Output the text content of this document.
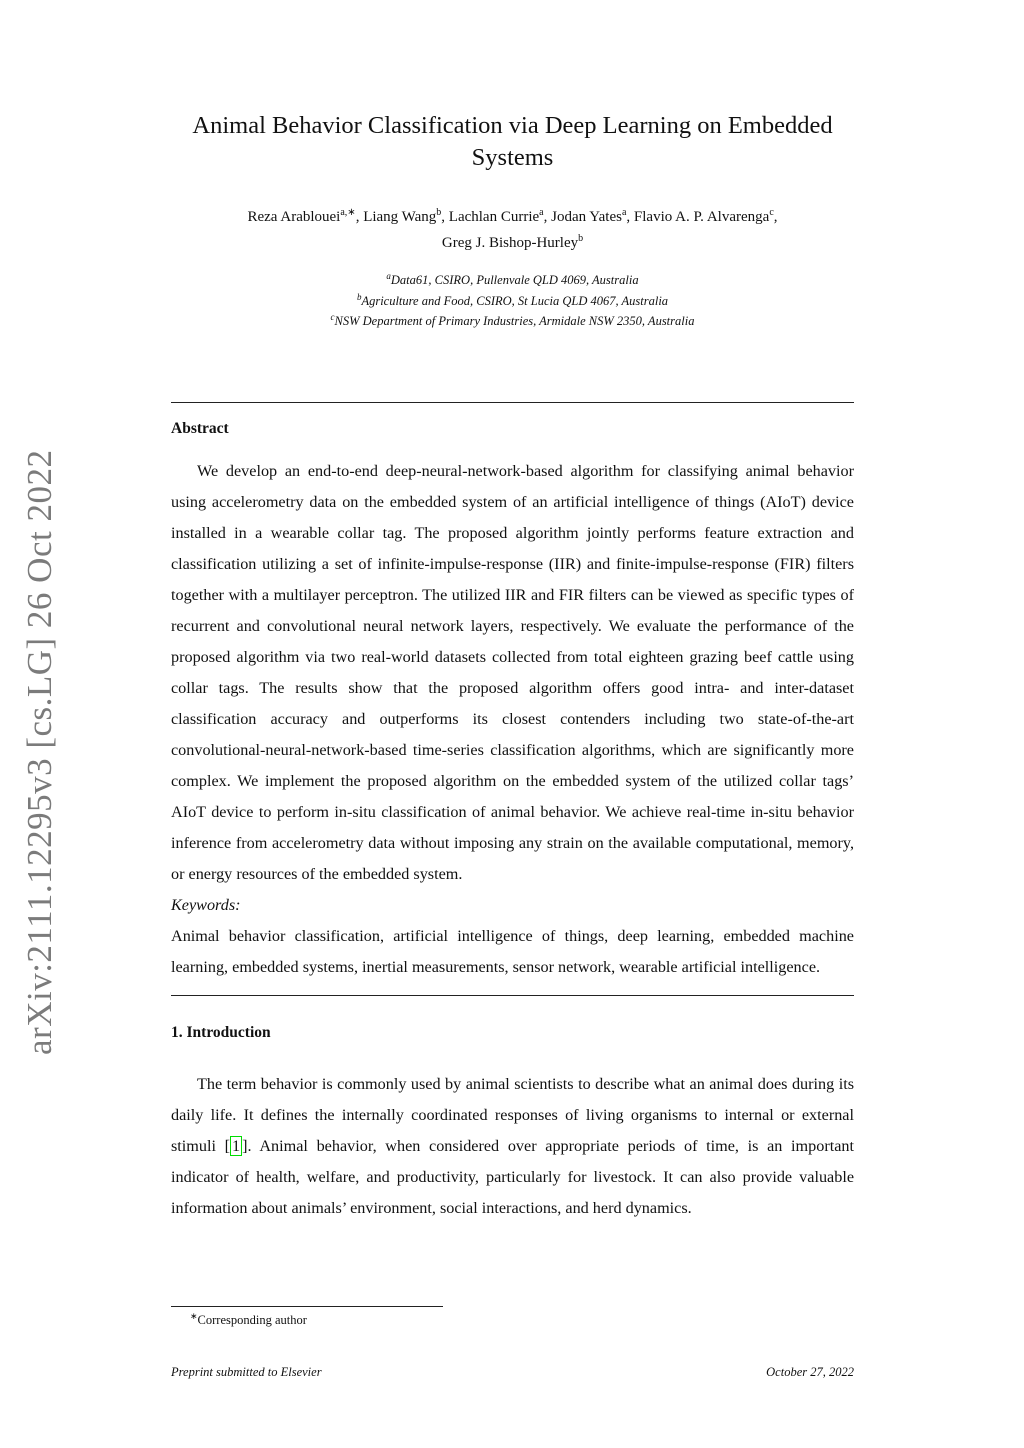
arXiv:2111.12295v3 [cs.LG] 26 Oct 2022
Animal Behavior Classification via Deep Learning on Embedded Systems
Reza Arablouei$^{a,∗}$, Liang Wang$^b$, Lachlan Currie$^a$, Jodan Yates$^a$, Flavio A. P. Alvarenga$^c$,
Greg J. Bishop-Hurley$^b$
$^a$Data61, CSIRO, Pullenvale QLD 4069, Australia
$^b$Agriculture and Food, CSIRO, St Lucia QLD 4067, Australia
$^c$NSW Department of Primary Industries, Armidale NSW 2350, Australia
Abstract
We develop an end-to-end deep-neural-network-based algorithm for classifying animal behavior using accelerometry data on the embedded system of an artificial intelligence of things (AIoT) device installed in a wearable collar tag. The proposed algorithm jointly performs feature extraction and classification utilizing a set of infinite-impulse-response (IIR) and finite-impulse-response (FIR) filters together with a multilayer perceptron. The utilized IIR and FIR filters can be viewed as specific types of recurrent and convolutional neural network layers, respectively. We evaluate the performance of the proposed algorithm via two real-world datasets collected from total eighteen grazing beef cattle using collar tags. The results show that the proposed algorithm offers good intra- and inter-dataset classification accuracy and outperforms its closest contenders including two state-of-the-art convolutional-neural-network-based time-series classification algorithms, which are significantly more complex. We implement the proposed algorithm on the embedded system of the utilized collar tags’ AIoT device to perform in-situ classification of animal behavior. We achieve real-time in-situ behavior inference from accelerometry data without imposing any strain on the available computational, memory, or energy resources of the embedded system.
Keywords:
Animal behavior classification, artificial intelligence of things, deep learning, embedded machine learning, embedded systems, inertial measurements, sensor network, wearable artificial intelligence.
1. Introduction
The term behavior is commonly used by animal scientists to describe what an animal does during its daily life. It defines the internally coordinated responses of living organisms to internal or external stimuli [ 1 ]. Animal behavior, when considered over appropriate periods of time, is an important indicator of health, welfare, and productivity, particularly for livestock. It can also provide valuable information about animals’ environment, social interactions, and herd dynamics.
∗Corresponding author
Preprint submitted to Elsevier	October 27, 2022
